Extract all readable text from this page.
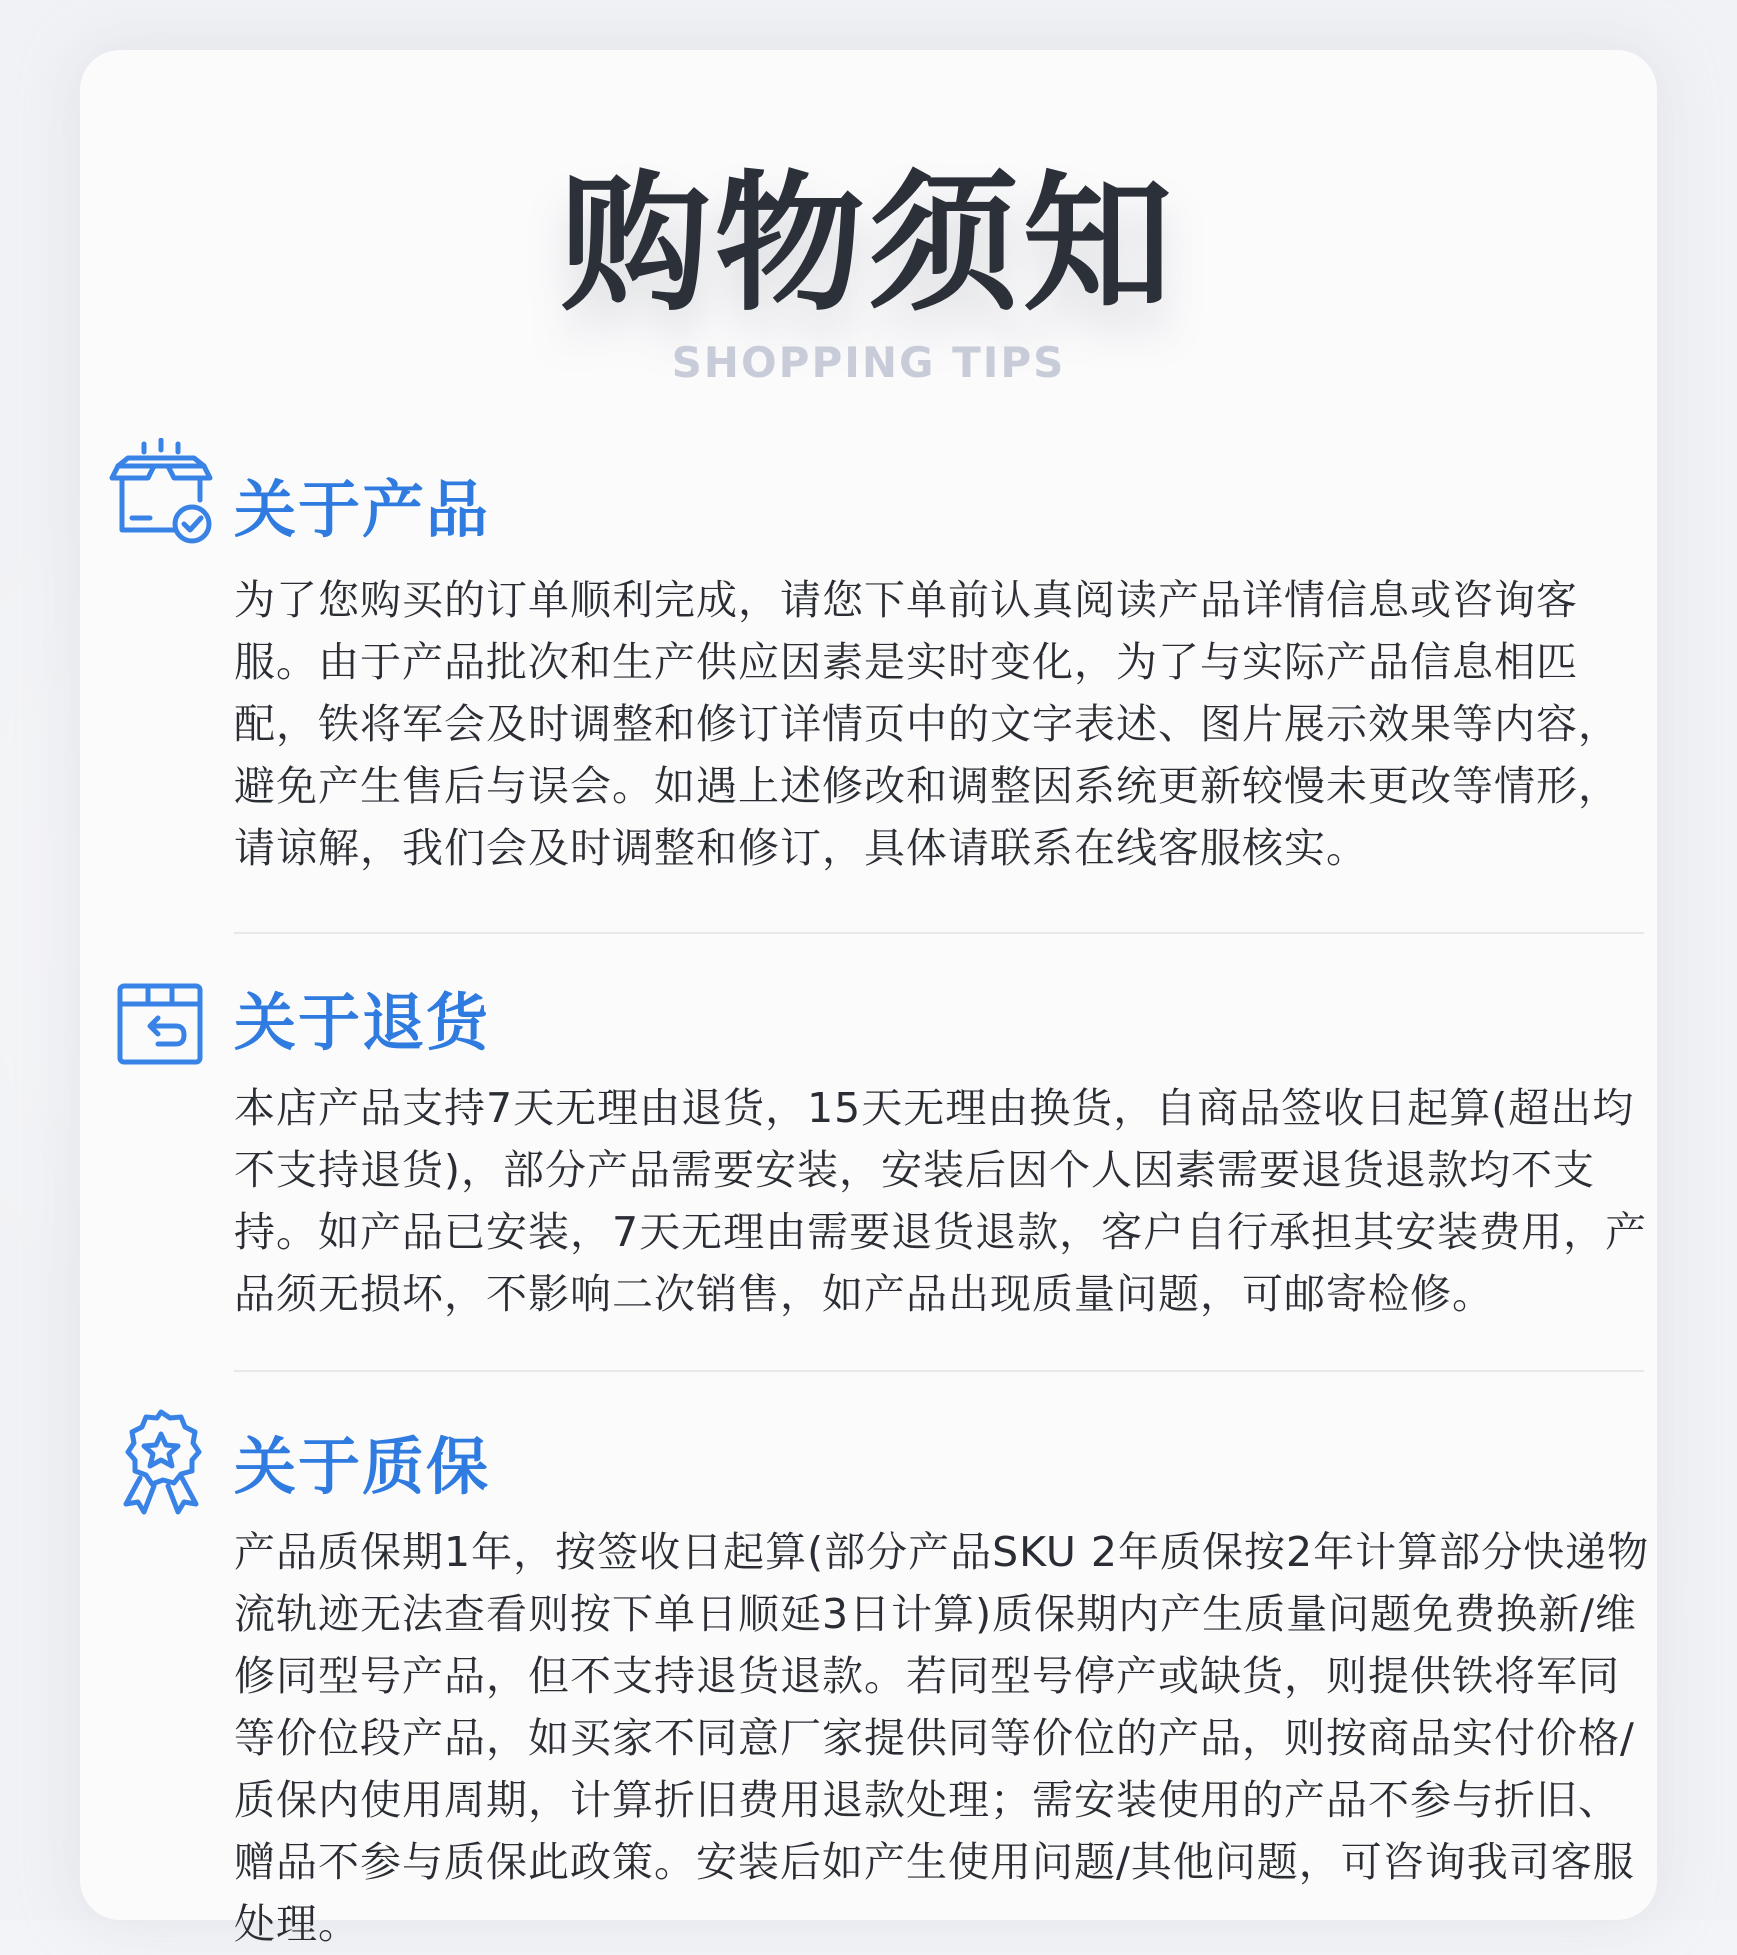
购物须知
SHOPPING TIPS
关于产品
为了您购买的订单顺利完成，请您下单前认真阅读产品详情信息或咨询客服。由于产品批次和生产供应因素是实时变化，为了与实际产品信息相匹配，铁将军会及时调整和修订详情页中的文字表述、图片展示效果等内容，避免产生售后与误会。如遇上述修改和调整因系统更新较慢未更改等情形，请谅解，我们会及时调整和修订，具体请联系在线客服核实。
关于退货
本店产品支持7天无理由退货，15天无理由换货，自商品签收日起算(超出均不支持退货)，部分产品需要安装，安装后因个人因素需要退货退款均不支持。如产品已安装，7天无理由需要退货退款，客户自行承担其安装费用，产品须无损坏，不影响二次销售，如产品出现质量问题，可邮寄检修。
关于质保
产品质保期1年，按签收日起算(部分产品SKU 2年质保按2年计算部分快递物流轨迹无法查看则按下单日顺延3日计算)质保期内产生质量问题免费换新/维修同型号产品，但不支持退货退款。若同型号停产或缺货，则提供铁将军同等价位段产品，如买家不同意厂家提供同等价位的产品，则按商品实付价格/质保内使用周期，计算折旧费用退款处理；需安装使用的产品不参与折旧、赠品不参与质保此政策。安装后如产生使用问题/其他问题，可咨询我司客服处理。
